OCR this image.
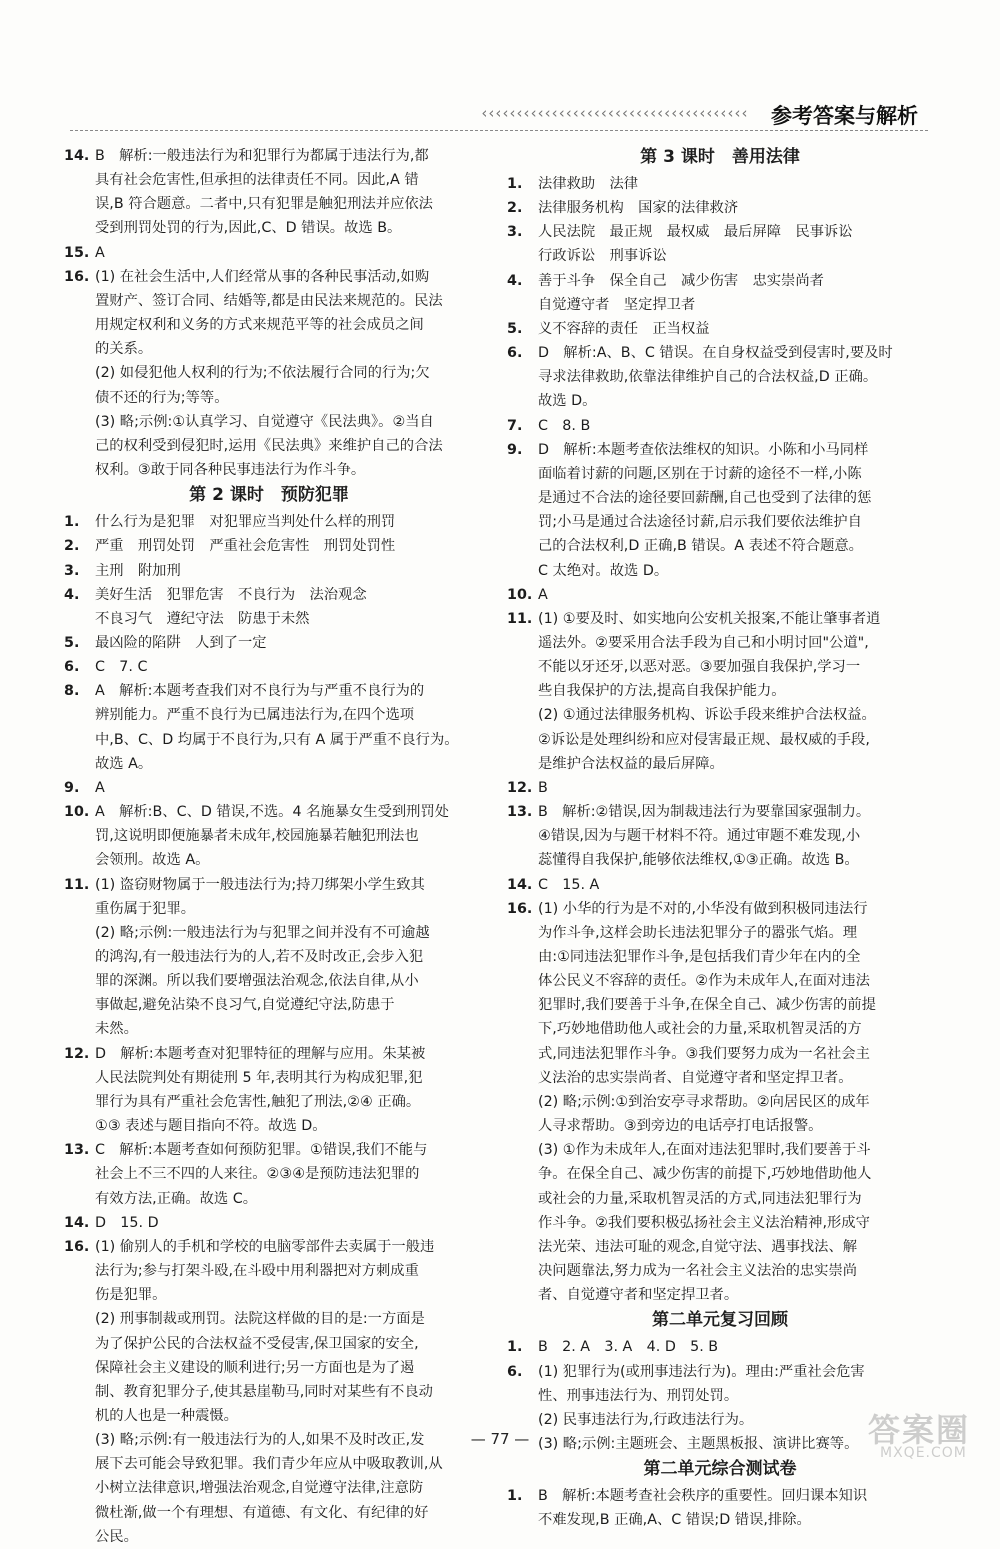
‹‹‹‹‹‹‹‹‹‹‹‹‹‹‹‹‹‹‹‹‹‹‹‹‹‹‹‹‹‹‹‹‹‹‹‹‹‹ 参考答案与解析
14. B　解析:一般违法行为和犯罪行为都属于违法行为,都
具有社会危害性,但承担的法律责任不同。因此,A 错
误,B 符合题意。二者中,只有犯罪是触犯刑法并应依法
受到刑罚处罚的行为,因此,C、D 错误。故选 B。
15. A
16. (1) 在社会生活中,人们经常从事的各种民事活动,如购
置财产、签订合同、结婚等,都是由民法来规范的。民法
用规定权利和义务的方式来规范平等的社会成员之间
的关系。
(2) 如侵犯他人权利的行为;不依法履行合同的行为;欠
债不还的行为;等等。
(3) 略;示例:①认真学习、自觉遵守《民法典》。②当自
己的权利受到侵犯时,运用《民法典》来维护自己的合法
权利。③敢于同各种民事违法行为作斗争。
第 2 课时　预防犯罪
1.	什么行为是犯罪　对犯罪应当判处什么样的刑罚
2.	严重　刑罚处罚　严重社会危害性　刑罚处罚性
3.	主刑　附加刑
4.	美好生活　犯罪危害　不良行为　法治观念
不良习气　遵纪守法　防患于未然
5.	最凶险的陷阱　人到了一定
6.	C　7. C
8.	A　解析:本题考查我们对不良行为与严重不良行为的
辨别能力。严重不良行为已属违法行为,在四个选项
中,B、C、D 均属于不良行为,只有 A 属于严重不良行为。
故选 A。
9.	A
10. A　解析:B、C、D 错误,不选。4 名施暴女生受到刑罚处
罚,这说明即便施暴者未成年,校园施暴若触犯刑法也
会领刑。故选 A。
11. (1) 盗窃财物属于一般违法行为;持刀绑架小学生致其
重伤属于犯罪。
(2) 略;示例:一般违法行为与犯罪之间并没有不可逾越
的鸿沟,有一般违法行为的人,若不及时改正,会步入犯
罪的深渊。所以我们要增强法治观念,依法自律,从小
事做起,避免沾染不良习气,自觉遵纪守法,防患于
未然。
12. D　解析:本题考查对犯罪特征的理解与应用。朱某被
人民法院判处有期徒刑 5 年,表明其行为构成犯罪,犯
罪行为具有严重社会危害性,触犯了刑法,②④ 正确。
①③ 表述与题目指向不符。故选 D。
13. C　解析:本题考查如何预防犯罪。①错误,我们不能与
社会上不三不四的人来往。②③④是预防违法犯罪的
有效方法,正确。故选 C。
14. D　15. D
16. (1) 偷别人的手机和学校的电脑零部件去卖属于一般违
法行为;参与打架斗殴,在斗殴中用利器把对方刺成重
伤是犯罪。
(2) 刑事制裁或刑罚。法院这样做的目的是:一方面是
为了保护公民的合法权益不受侵害,保卫国家的安全,
保障社会主义建设的顺利进行;另一方面也是为了遏
制、教育犯罪分子,使其悬崖勒马,同时对某些有不良动
机的人也是一种震慑。
(3) 略;示例:有一般违法行为的人,如果不及时改正,发
展下去可能会导致犯罪。我们青少年应从中吸取教训,从
小树立法律意识,增强法治观念,自觉遵守法律,注意防
微杜渐,做一个有理想、有道德、有文化、有纪律的好
公民。
第 3 课时　善用法律
1.	法律救助　法律
2.	法律服务机构　国家的法律救济
3.	人民法院　最正规　最权威　最后屏障　民事诉讼
行政诉讼　刑事诉讼
4.	善于斗争　保全自己　减少伤害　忠实崇尚者
自觉遵守者　坚定捍卫者
5.	义不容辞的责任　正当权益
6.	D　解析:A、B、C 错误。在自身权益受到侵害时,要及时
寻求法律救助,依靠法律维护自己的合法权益,D 正确。
故选 D。
7.	C　8. B
9.	D　解析:本题考查依法维权的知识。小陈和小马同样
面临着讨薪的问题,区别在于讨薪的途径不一样,小陈
是通过不合法的途径要回薪酬,自己也受到了法律的惩
罚;小马是通过合法途径讨薪,启示我们要依法维护自
己的合法权利,D 正确,B 错误。A 表述不符合题意。
C 太绝对。故选 D。
10. A
11. (1) ①要及时、如实地向公安机关报案,不能让肇事者逍
遥法外。②要采用合法手段为自己和小明讨回"公道",
不能以牙还牙,以恶对恶。③要加强自我保护,学习一
些自我保护的方法,提高自我保护能力。
(2) ①通过法律服务机构、诉讼手段来维护合法权益。
②诉讼是处理纠纷和应对侵害最正规、最权威的手段,
是维护合法权益的最后屏障。
12. B
13. B　解析:②错误,因为制裁违法行为要靠国家强制力。
④错误,因为与题干材料不符。通过审题不难发现,小
蕊懂得自我保护,能够依法维权,①③正确。故选 B。
14. C　15. A
16. (1) 小华的行为是不对的,小华没有做到积极同违法行
为作斗争,这样会助长违法犯罪分子的嚣张气焰。理
由:①同违法犯罪作斗争,是包括我们青少年在内的全
体公民义不容辞的责任。②作为未成年人,在面对违法
犯罪时,我们要善于斗争,在保全自己、减少伤害的前提
下,巧妙地借助他人或社会的力量,采取机智灵活的方
式,同违法犯罪作斗争。③我们要努力成为一名社会主
义法治的忠实崇尚者、自觉遵守者和坚定捍卫者。
(2) 略;示例:①到治安亭寻求帮助。②向居民区的成年
人寻求帮助。③到旁边的电话亭打电话报警。
(3) ①作为未成年人,在面对违法犯罪时,我们要善于斗
争。在保全自己、减少伤害的前提下,巧妙地借助他人
或社会的力量,采取机智灵活的方式,同违法犯罪行为
作斗争。②我们要积极弘扬社会主义法治精神,形成守
法光荣、违法可耻的观念,自觉守法、遇事找法、解
决问题靠法,努力成为一名社会主义法治的忠实崇尚
者、自觉遵守者和坚定捍卫者。
第二单元复习回顾
1.	B　2. A　3. A　4. D　5. B
6.	(1) 犯罪行为(或刑事违法行为)。理由:严重社会危害
性、刑事违法行为、刑罚处罚。
(2) 民事违法行为,行政违法行为。
(3) 略;示例:主题班会、主题黑板报、演讲比赛等。
第二单元综合测试卷
1.	B　解析:本题考查社会秩序的重要性。回归课本知识
不难发现,B 正确,A、C 错误;D 错误,排除。
— 77 —	答案圈
MXQE.COM
